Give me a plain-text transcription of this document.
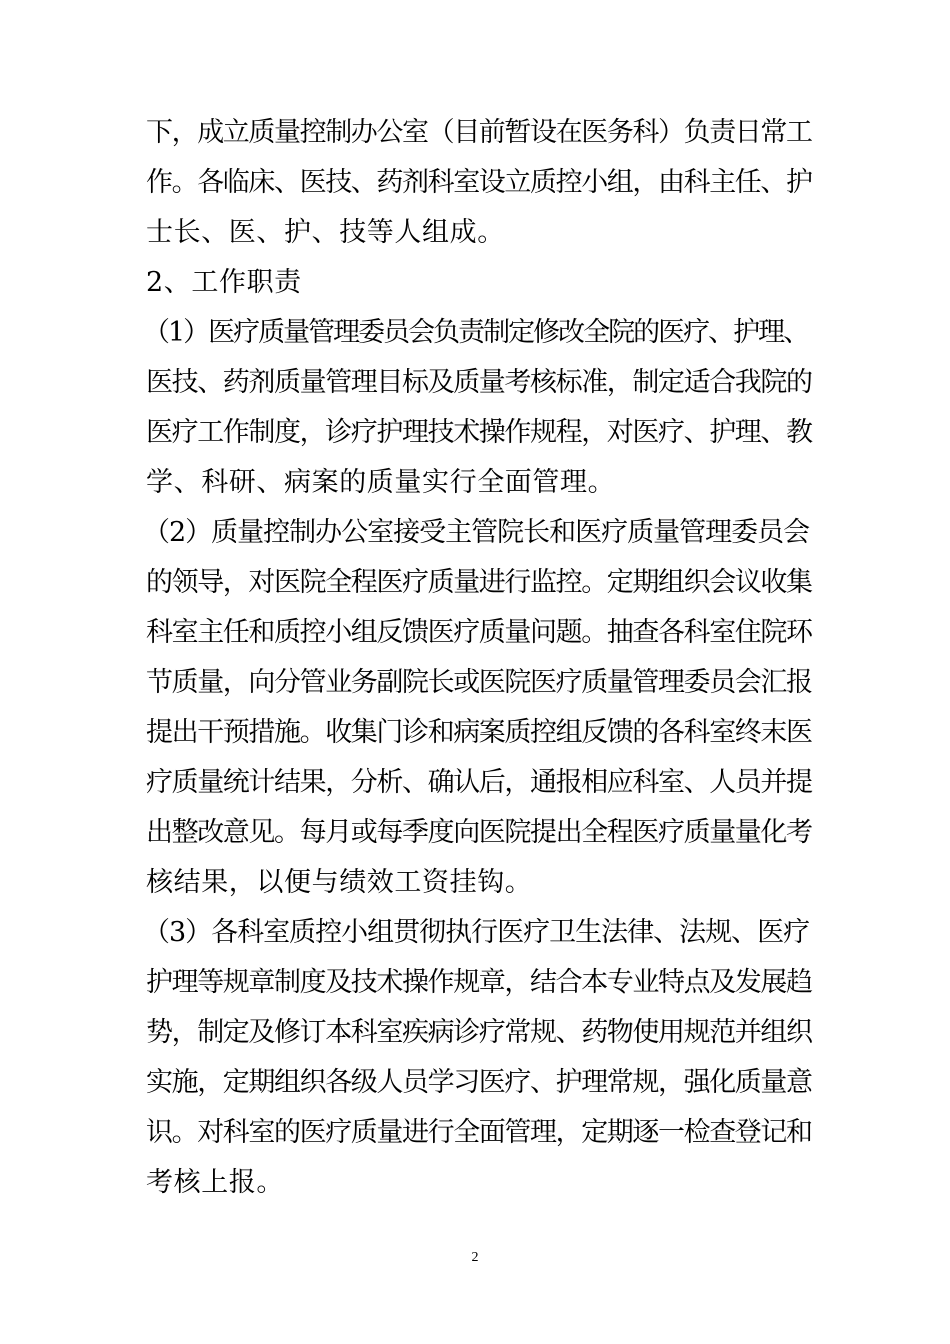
下，成立质量控制办公室（目前暂设在医务科）负责日常工
作。各临床、医技、药剂科室设立质控小组，由科主任、护
士长、医、护、技等人组成。
2、工作职责
（1）医疗质量管理委员会负责制定修改全院的医疗、护理、
医技、药剂质量管理目标及质量考核标准，制定适合我院的
医疗工作制度，诊疗护理技术操作规程，对医疗、护理、教
学、科研、病案的质量实行全面管理。
（2）质量控制办公室接受主管院长和医疗质量管理委员会
的领导，对医院全程医疗质量进行监控。定期组织会议收集
科室主任和质控小组反馈医疗质量问题。抽查各科室住院环
节质量，向分管业务副院长或医院医疗质量管理委员会汇报
提出干预措施。收集门诊和病案质控组反馈的各科室终末医
疗质量统计结果，分析、确认后，通报相应科室、人员并提
出整改意见。每月或每季度向医院提出全程医疗质量量化考
核结果，以便与绩效工资挂钩。
（3）各科室质控小组贯彻执行医疗卫生法律、法规、医疗
护理等规章制度及技术操作规章，结合本专业特点及发展趋
势，制定及修订本科室疾病诊疗常规、药物使用规范并组织
实施，定期组织各级人员学习医疗、护理常规，强化质量意
识。对科室的医疗质量进行全面管理，定期逐一检查登记和
考核上报。
2
